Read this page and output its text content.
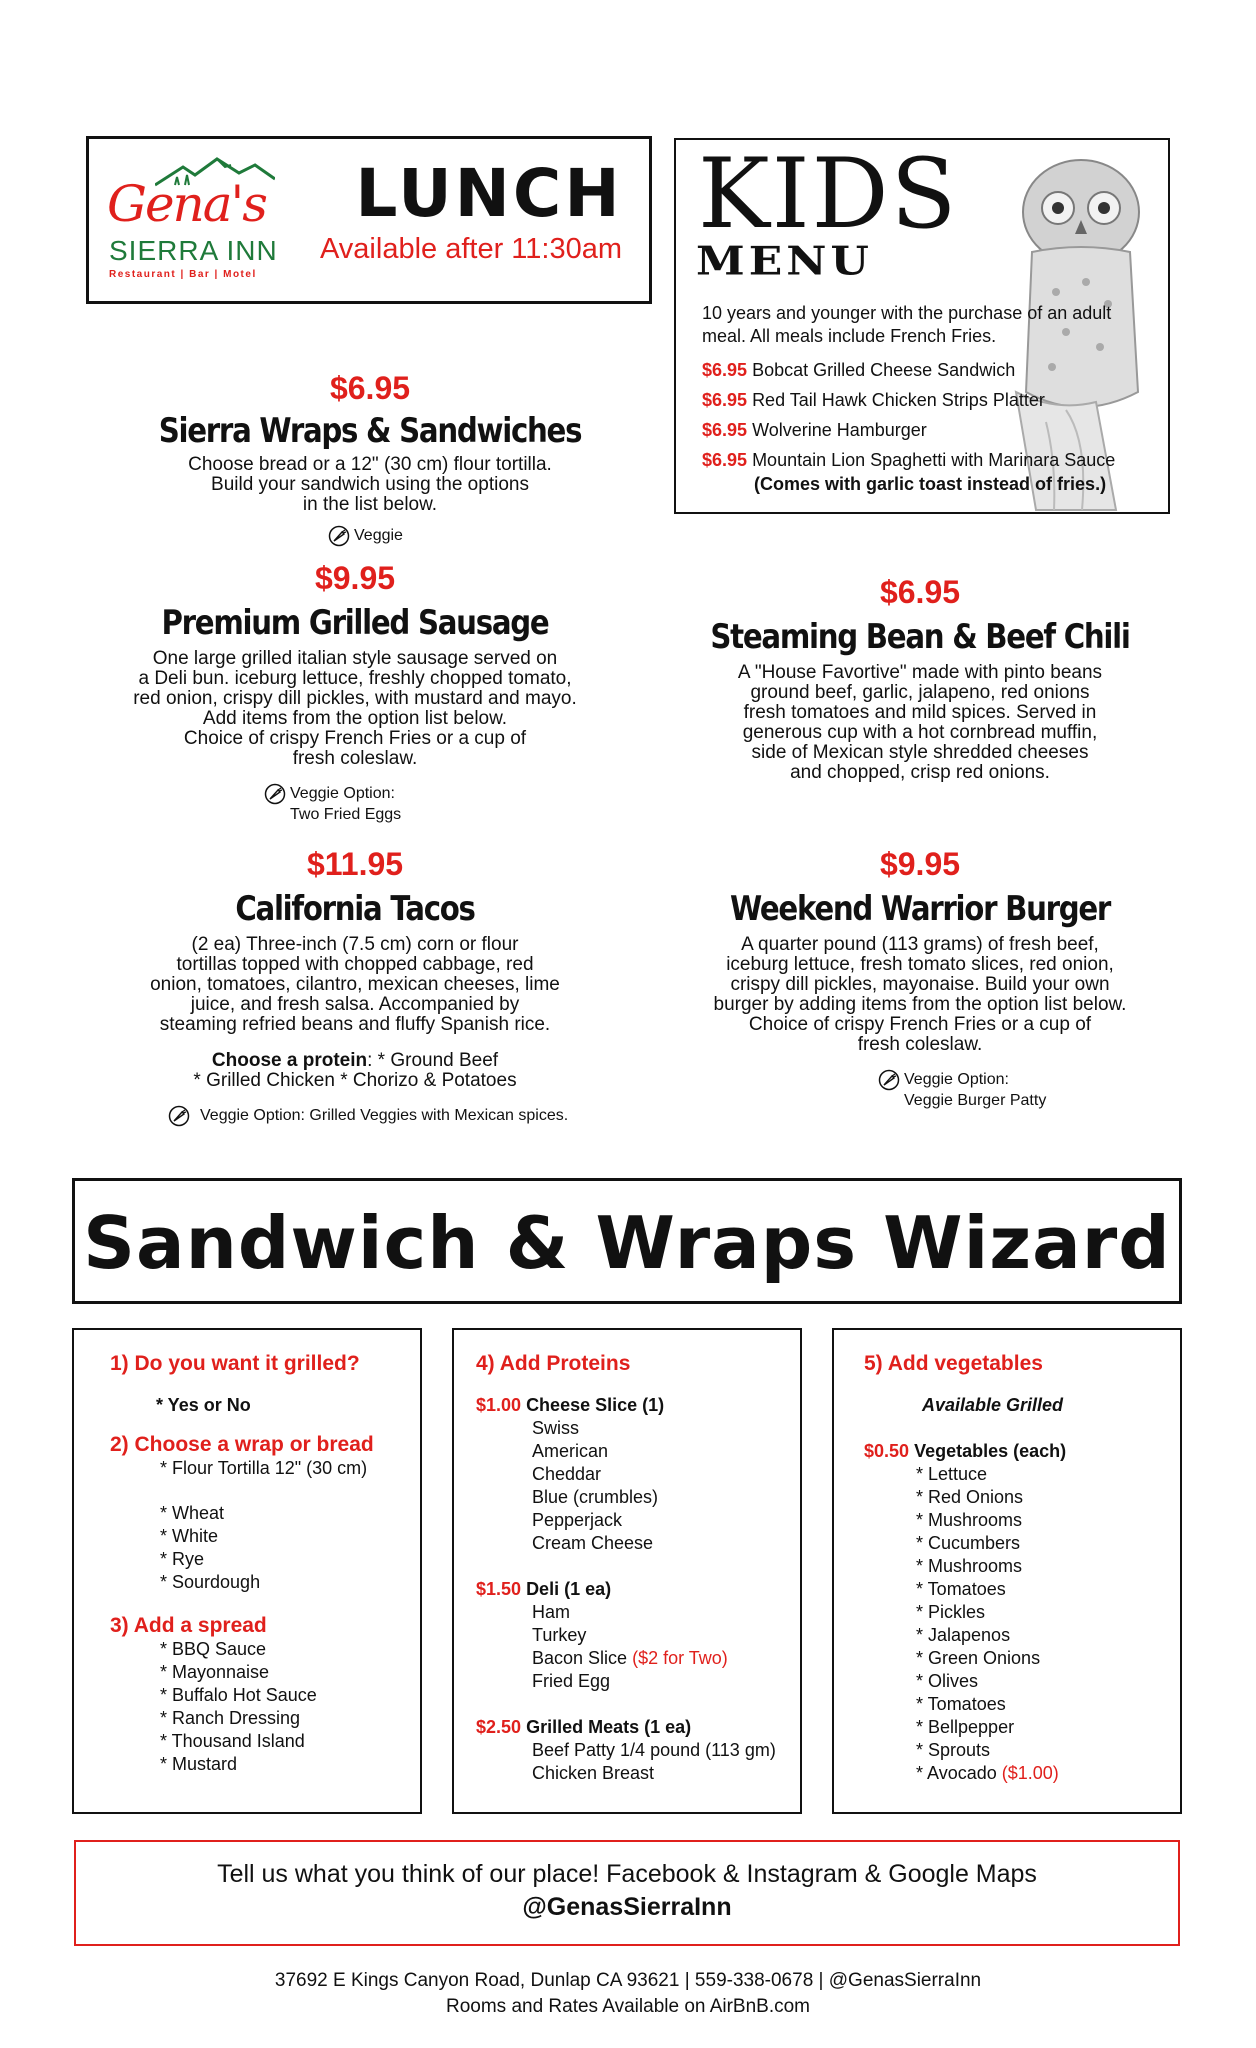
Gena's
SIERRA INN
Restaurant | Bar | Motel
LUNCH
Available after 11:30am KIDS
MENU
10 years and younger with the purchase of an adult meal. All meals include French Fries.
$6.95 Bobcat Grilled Cheese Sandwich
$6.95 Red Tail Hawk Chicken Strips Platter
$6.95 Wolverine Hamburger
$6.95 Mountain Lion Spaghetti with Marinara Sauce
(Comes with garlic toast instead of fries.)
$6.95
Sierra Wraps & Sandwiches
Choose bread or a 12" (30 cm) flour tortilla.
Build your sandwich using the options
in the list below.
Veggie
$9.95
Premium Grilled Sausage
One large grilled italian style sausage served on
a Deli bun. iceburg lettuce, freshly chopped tomato,
red onion, crispy dill pickles, with mustard and mayo.
Add items from the option list below.
Choice of crispy French Fries or a cup of
fresh coleslaw.
Veggie Option:
Two Fried Eggs
$11.95
California Tacos
(2 ea) Three-inch (7.5 cm) corn or flour
tortillas topped with chopped cabbage, red
onion, tomatoes, cilantro, mexican cheeses, lime
juice, and fresh salsa. Accompanied by
steaming refried beans and fluffy Spanish rice.
Choose a protein: * Ground Beef
* Grilled Chicken * Chorizo & Potatoes
Veggie Option: Grilled Veggies with Mexican spices.
$6.95
Steaming Bean & Beef Chili
A "House Favortive" made with pinto beans
ground beef, garlic, jalapeno, red onions
fresh tomatoes and mild spices. Served in
generous cup with a hot cornbread muffin,
side of Mexican style shredded cheeses
and chopped, crisp red onions.
$9.95
Weekend Warrior Burger
A quarter pound (113 grams) of fresh beef,
iceburg lettuce, fresh tomato slices, red onion,
crispy dill pickles, mayonaise. Build your own
burger by adding items from the option list below.
Choice of crispy French Fries or a cup of
fresh coleslaw.
Veggie Option:
Veggie Burger Patty
Sandwich & Wraps Wizard
1) Do you want it grilled?
* Yes or No
2) Choose a wrap or bread
* Flour Tortilla 12" (30 cm)
* Wheat
* White
* Rye
* Sourdough
3) Add a spread
* BBQ Sauce
* Mayonnaise
* Buffalo Hot Sauce
* Ranch Dressing
* Thousand Island
* Mustard
4) Add Proteins
$1.00 Cheese Slice (1)
Swiss
American
Cheddar
Blue (crumbles)
Pepperjack
Cream Cheese
$1.50 Deli (1 ea)
Ham
Turkey
Bacon Slice ($2 for Two)
Fried Egg
$2.50 Grilled Meats (1 ea)
Beef Patty 1/4 pound (113 gm)
Chicken Breast
5) Add vegetables
Available Grilled
$0.50 Vegetables (each)
* Lettuce
* Red Onions
* Mushrooms
* Cucumbers
* Mushrooms
* Tomatoes
* Pickles
* Jalapenos
* Green Onions
* Olives
* Tomatoes
* Bellpepper
* Sprouts
* Avocado ($1.00)
Tell us what you think of our place! Facebook & Instagram & Google Maps
@GenasSierraInn
37692 E Kings Canyon Road, Dunlap CA 93621 | 559-338-0678 | @GenasSierraInn
Rooms and Rates Available on AirBnB.com
